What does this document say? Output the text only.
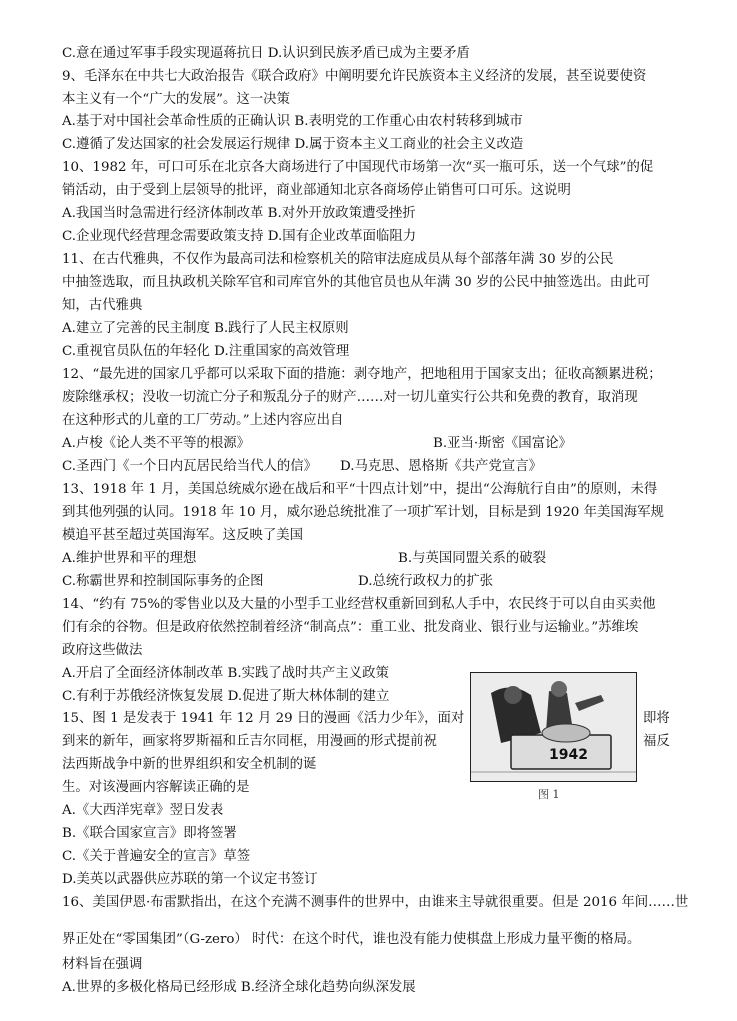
C.意在通过军事手段实现逼蒋抗日 D.认识到民族矛盾已成为主要矛盾
9、毛泽东在中共七大政治报告《联合政府》中阐明要允许民族资本主义经济的发展，甚至说要使资
本主义有一个“广大的发展”。这一决策
A.基于对中国社会革命性质的正确认识 B.表明党的工作重心由农村转移到城市
C.遵循了发达国家的社会发展运行规律 D.属于资本主义工商业的社会主义改造
10、1982 年，可口可乐在北京各大商场进行了中国现代市场第一次“买一瓶可乐，送一个气球”的促
销活动，由于受到上层领导的批评，商业部通知北京各商场停止销售可口可乐。这说明
A.我国当时急需进行经济体制改革 B.对外开放政策遭受挫折
C.企业现代经营理念需要政策支持 D.国有企业改革面临阻力
11、在古代雅典，不仅作为最高司法和检察机关的陪审法庭成员从每个部落年满 30 岁的公民
中抽签选取，而且执政机关除军官和司库官外的其他官员也从年满 30 岁的公民中抽签选出。由此可
知，古代雅典
A.建立了完善的民主制度 B.践行了人民主权原则
C.重视官员队伍的年轻化 D.注重国家的高效管理
12、“最先进的国家几乎都可以采取下面的措施：剥夺地产，把地租用于国家支出；征收高额累进税；
废除继承权；没收一切流亡分子和叛乱分子的财产……对一切儿童实行公共和免费的教育，取消现
在这种形式的儿童的工厂劳动。”上述内容应出自
A.卢梭《论人类不平等的根源》	B.亚当·斯密《国富论》
C.圣西门《一个日内瓦居民给当代人的信》 D.马克思、恩格斯《共产党宣言》
13、1918 年 1 月，美国总统威尔逊在战后和平“十四点计划”中，提出“公海航行自由”的原则，未得
到其他列强的认同。1918 年 10 月，威尔逊总统批准了一项扩军计划，目标是到 1920 年美国海军规
模追平甚至超过英国海军。这反映了美国
A.维护世界和平的理想	B.与英国同盟关系的破裂
C.称霸世界和控制国际事务的企图	D.总统行政权力的扩张
14、“约有 75%的零售业以及大量的小型手工业经营权重新回到私人手中，农民终于可以自由买卖他
们有余的谷物。但是政府依然控制着经济“制高点”：重工业、批发商业、银行业与运输业。”苏维埃
政府这些做法
A.开启了全面经济体制改革 B.实践了战时共产主义政策
C.有利于苏俄经济恢复发展 D.促进了斯大林体制的建立
15、图 1 是发表于 1941 年 12 月 29 日的漫画《活力少年》，面对	即将
到来的新年，画家将罗斯福和丘吉尔同框，用漫画的形式提前祝	福反
法西斯战争中新的世界组织和安全机制的诞
生。对该漫画内容解读正确的是
A.《大西洋宪章》翌日发表
B.《联合国家宣言》即将签署
C.《关于普遍安全的宣言》草签
D.美英以武器供应苏联的第一个议定书签订
1942
图 1
16、美国伊恩·布雷默指出，在这个充满不测事件的世界中，由谁来主导就很重要。但是 2016 年间……世
界正处在“零国集团”（G-zero） 时代：在这个时代，谁也没有能力使棋盘上形成力量平衡的格局。
材料旨在强调
A.世界的多极化格局已经形成 B.经济全球化趋势向纵深发展
